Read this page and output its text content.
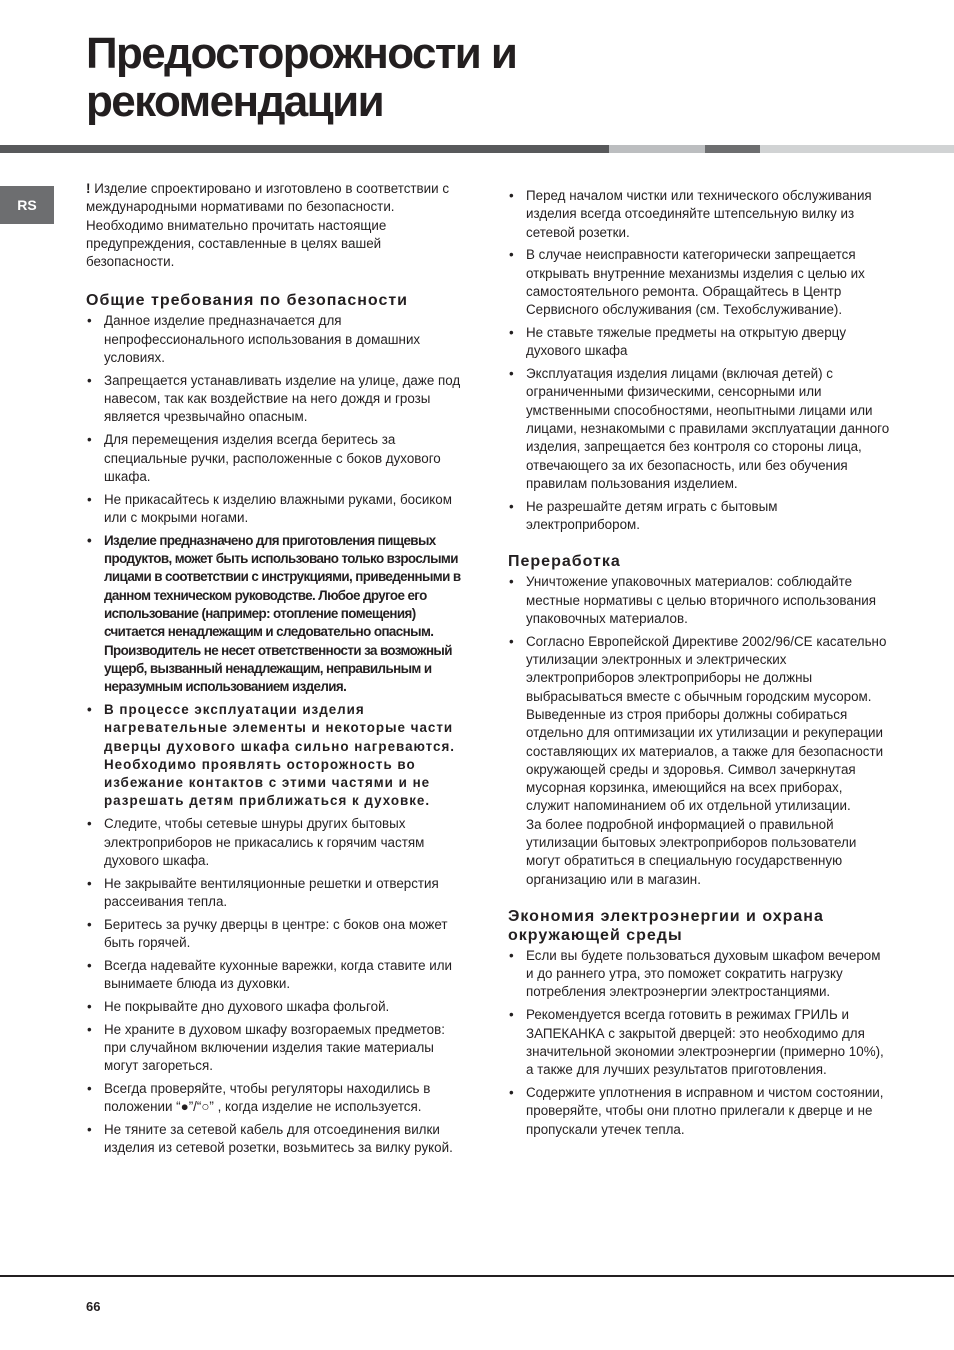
Предосторожности и рекомендации
RS

! Изделие спроектировано и изготовлено в соответствии с международными нормативами по безопасности. Необходимо внимательно прочитать настоящие предупреждения, составленные в целях вашей безопасности.

Общие требования по безопасности
• Данное изделие предназначается для непрофессионального использования в домашних условиях.
• Запрещается устанавливать изделие на улице, даже под навесом, так как воздействие на него дождя и грозы является чрезвычайно опасным.
• Для перемещения изделия всегда беритесь за специальные ручки, расположенные с боков духового шкафа.
• Не прикасайтесь к изделию влажными руками, босиком или с мокрыми ногами.
• Изделие предназначено для приготовления пищевых продуктов, может быть использовано только взрослыми лицами в соответствии с инструкциями, приведенными в данном техническом руководстве. Любое другое его использование (например: отопление помещения) считается ненадлежащим и следовательно опасным. Производитель не несет ответственности за возможный ущерб, вызванный ненадлежащим, неправильным и неразумным использованием изделия.
• В процессе эксплуатации изделия нагревательные элементы и некоторые части дверцы духового шкафа сильно нагреваются. Необходимо проявлять осторожность во избежание контактов с этими частями и не разрешать детям приближаться к духовке.
• Следите, чтобы сетевые шнуры других бытовых электроприборов не прикасались к горячим частям духового шкафа.
• Не закрывайте вентиляционные решетки и отверстия рассеивания тепла.
• Беритесь за ручку дверцы в центре: с боков она может быть горячей.
• Всегда надевайте кухонные варежки, когда ставите или вынимаете блюда из духовки.
• Не покрывайте дно духового шкафа фольгой.
• Не храните в духовом шкафу возгораемых предметов: при случайном включении изделия такие материалы могут загореться.
• Всегда проверяйте, чтобы регуляторы находились в положении “●”/“○” , когда изделие не используется.
• Не тяните за сетевой кабель для отсоединения вилки изделия из сетевой розетки, возьмитесь за вилку рукой.
• Перед началом чистки или технического обслуживания изделия всегда отсоединяйте штепсельную вилку из сетевой розетки.
• В случае неисправности категорически запрещается открывать внутренние механизмы изделия с целью их самостоятельного ремонта. Обращайтесь в Центр Сервисного обслуживания (см. Техобслуживание).
• Не ставьте тяжелые предметы на открытую дверцу духового шкафа
• Эксплуатация изделия лицами (включая детей) с ограниченными физическими, сенсорными или умственными способностями, неопытными лицами или лицами, незнакомыми с правилами эксплуатации данного изделия, запрещается без контроля со стороны лица, отвечающего за их безопасность, или без обучения правилам пользования изделием.
• Не разрешайте детям играть с бытовым электроприбором.
Переработка
• Уничтожение упаковочных материалов: соблюдайте местные нормативы с целью вторичного использования упаковочных материалов.
• Согласно Европейской Директиве 2002/96/CE касательно утилизации электронных и электрических электроприборов электроприборы не должны выбрасываться вместе с обычным городским мусором. Выведенные из строя приборы должны собираться отдельно для оптимизации их утилизации и рекуперации составляющих их материалов, а также для безопасности окружающей среды и здоровья. Символ зачеркнутая мусорная корзинка, имеющийся на всех приборах, служит напоминанием об их отдельной утилизации.
За более подробной информацией о правильной утилизации бытовых электроприборов пользователи могут обратиться в специальную государственную организацию или в магазин.
Экономия электроэнергии и охрана окружающей среды
• Если вы будете пользоваться духовым шкафом вечером и до раннего утра, это поможет сократить нагрузку потребления электроэнергии электростанциями.
• Рекомендуется всегда готовить в режимах ГРИЛЬ и ЗАПЕКАНКА с закрытой дверцей: это необходимо для значительной экономии электроэнергии (примерно 10%), а также для лучших результатов приготовления.
• Содержите уплотнения в исправном и чистом состоянии, проверяйте, чтобы они плотно прилегали к дверце и не пропускали утечек тепла.
66
